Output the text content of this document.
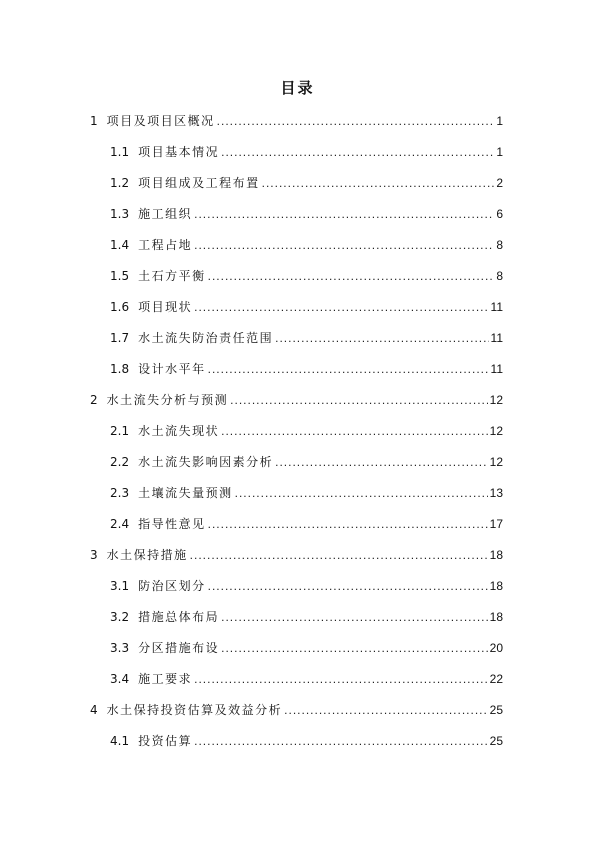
目录
1 项目及项目区概况 .....	1
1.1 项目基本情况 .....	1
1.2 项目组成及工程布置 .....	2
1.3 施工组织 .....	6
1.4 工程占地 .....	8
1.5 土石方平衡 .....	8
1.6 项目现状 .....	11
1.7 水土流失防治责任范围 .....	11
1.8 设计水平年 .....	11
2 水土流失分析与预测 .....	12
2.1 水土流失现状 .....	12
2.2 水土流失影响因素分析 .....	12
2.3 土壤流失量预测 .....	13
2.4 指导性意见 .....	17
3 水土保持措施 .....	18
3.1 防治区划分 .....	18
3.2 措施总体布局 .....	18
3.3 分区措施布设 .....	20
3.4 施工要求 .....	22
4 水土保持投资估算及效益分析 .....	25
4.1 投资估算 .....	25
